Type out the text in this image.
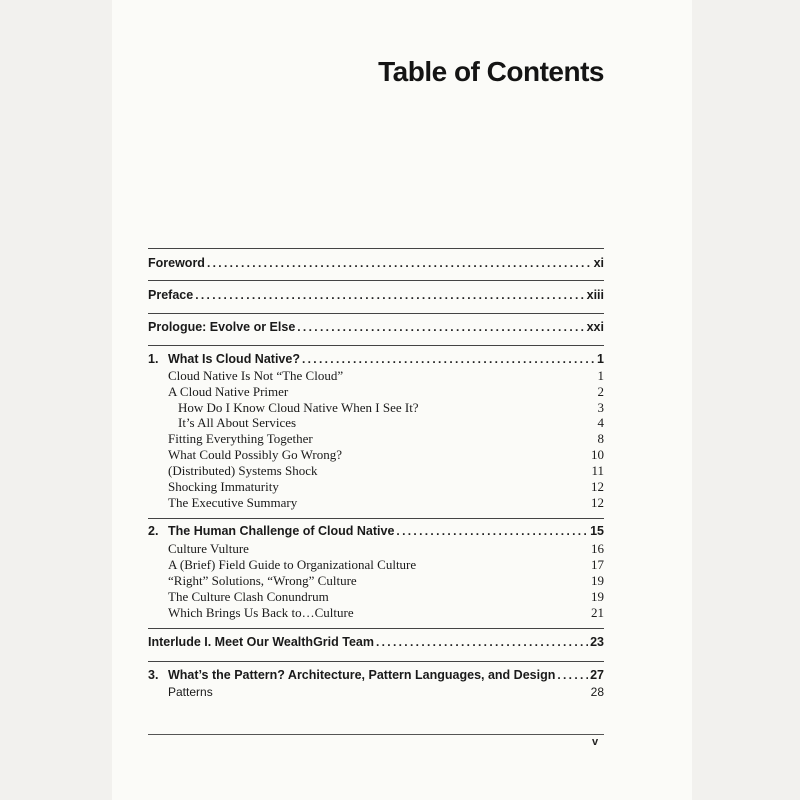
Table of Contents
Foreword . . .	xi
Preface . . .	xiii
Prologue: Evolve or Else . . .	xxi
1. What Is Cloud Native? . . .	1
Cloud Native Is Not “The Cloud”	1
A Cloud Native Primer	2
How Do I Know Cloud Native When I See It?	3
It’s All About Services	4
Fitting Everything Together	8
What Could Possibly Go Wrong?	10
(Distributed) Systems Shock	11
Shocking Immaturity	12
The Executive Summary	12
2. The Human Challenge of Cloud Native . . .	15
Culture Vulture	16
A (Brief) Field Guide to Organizational Culture	17
“Right” Solutions, “Wrong” Culture	19
The Culture Clash Conundrum	19
Which Brings Us Back to…Culture	21
Interlude I. Meet Our WealthGrid Team . . .	23
3. What’s the Pattern? Architecture, Pattern Languages, and Design . . .	27
Patterns	28
v
